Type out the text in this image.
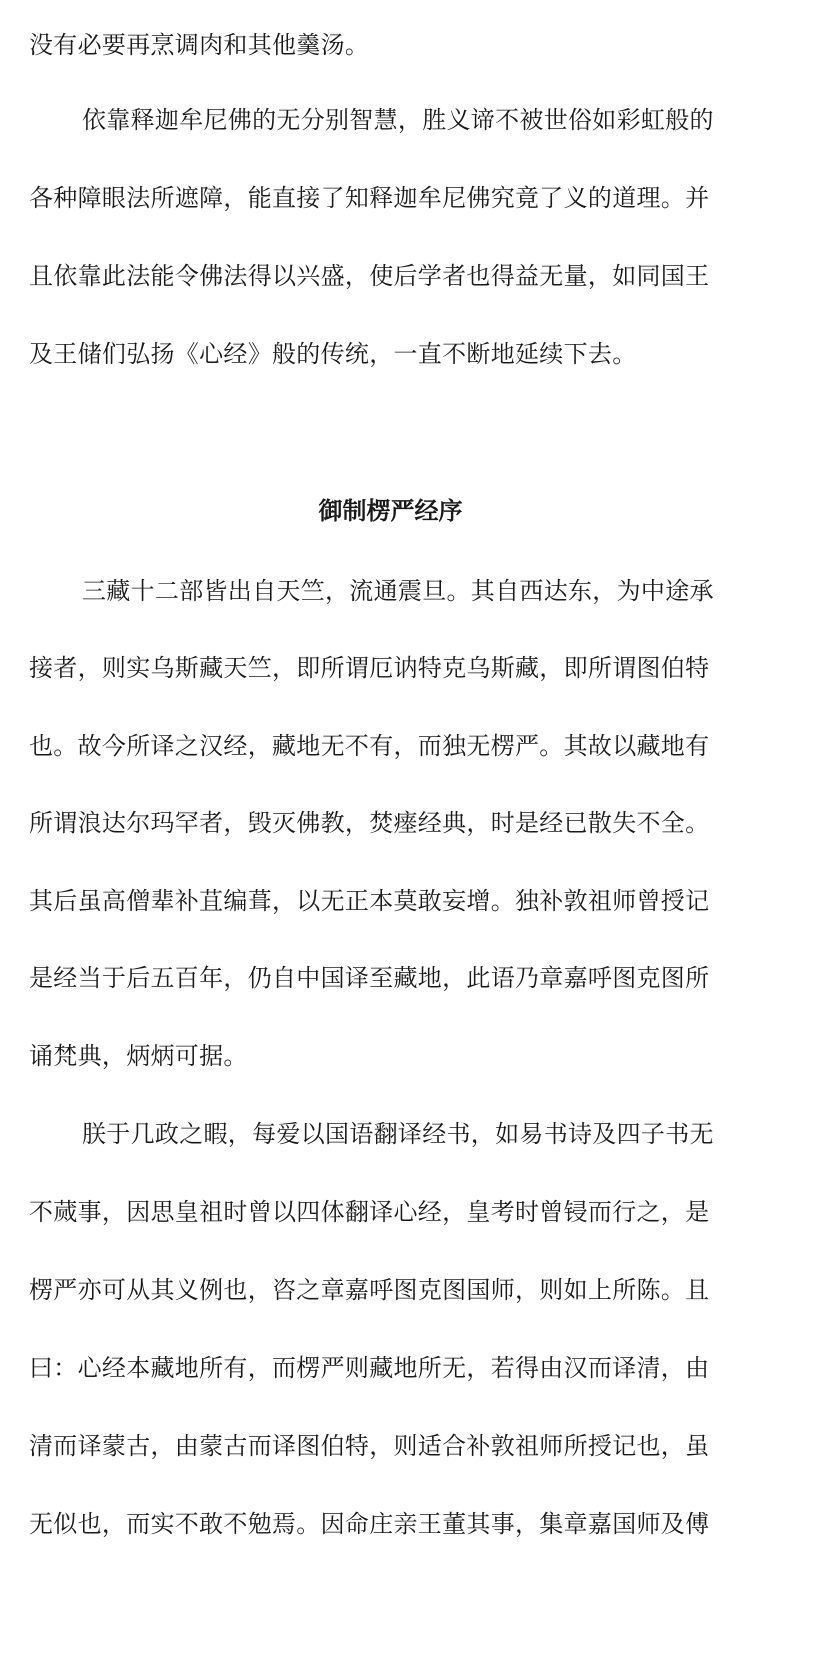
没有必要再烹调肉和其他羹汤。

依靠释迦牟尼佛的无分别智慧，胜义谛不被世俗如彩虹般的

各种障眼法所遮障，能直接了知释迦牟尼佛究竟了义的道理。并

且依靠此法能令佛法得以兴盛，使后学者也得益无量，如同国王

及王储们弘扬《心经》般的传统，一直不断地延续下去。

御制楞严经序

三藏十二部皆出自天竺，流通震旦。其自西达东，为中途承

接者，则实乌斯藏天竺，即所谓厄讷特克乌斯藏，即所谓图伯特

也。故今所译之汉经，藏地无不有，而独无楞严。其故以藏地有

所谓浪达尔玛罕者，毁灭佛教，焚瘗经典，时是经已散失不全。

其后虽高僧辈补苴编葺，以无正本莫敢妄增。独补敦祖师曾授记

是经当于后五百年，仍自中国译至藏地，此语乃章嘉呼图克图所

诵梵典，炳炳可据。

朕于几政之暇，每爱以国语翻译经书，如易书诗及四子书无

不蒇事，因思皇祖时曾以四体翻译心经，皇考时曾锓而行之，是

楞严亦可从其义例也，咨之章嘉呼图克图国师，则如上所陈。且

曰：心经本藏地所有，而楞严则藏地所无，若得由汉而译清，由

清而译蒙古，由蒙古而译图伯特，则适合补敦祖师所授记也，虽

无似也，而实不敢不勉焉。因命庄亲王董其事，集章嘉国师及傅
